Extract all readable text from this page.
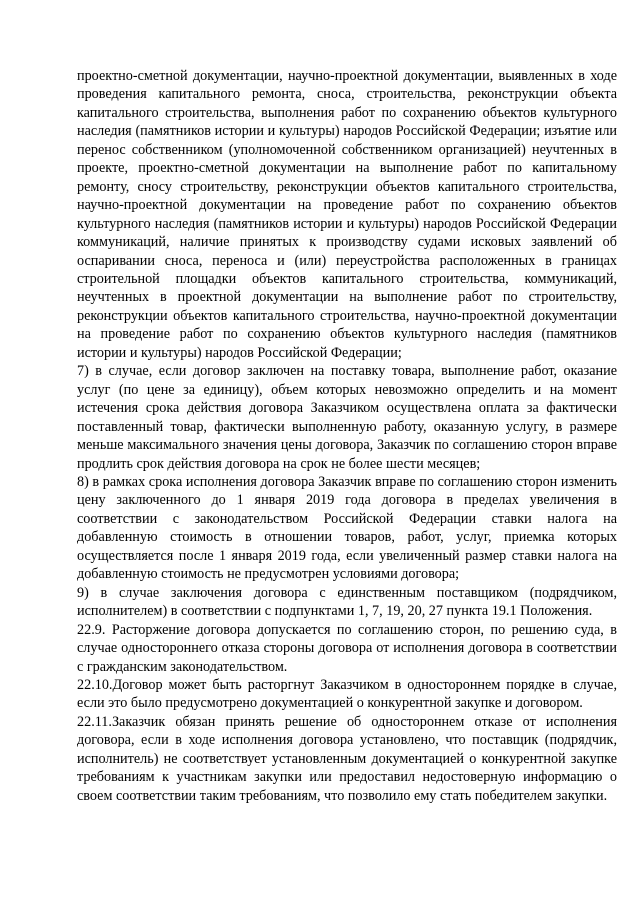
проектно-сметной документации, научно-проектной документации, выявленных в ходе проведения капитального ремонта, сноса, строительства, реконструкции объекта капитального строительства, выполнения работ по сохранению объектов культурного наследия (памятников истории и культуры) народов Российской Федерации; изъятие или перенос собственником (уполномоченной собственником организацией) неучтенных в проекте, проектно-сметной документации на выполнение работ по капитальному ремонту, сносу строительству, реконструкции объектов капитального строительства, научно-проектной документации на проведение работ по сохранению объектов культурного наследия (памятников истории и культуры) народов Российской Федерации коммуникаций, наличие принятых к производству судами исковых заявлений об оспаривании сноса, переноса и (или) переустройства расположенных в границах строительной площадки объектов капитального строительства, коммуникаций, неучтенных в проектной документации на выполнение работ по строительству, реконструкции объектов капитального строительства, научно-проектной документации на проведение работ по сохранению объектов культурного наследия (памятников истории и культуры) народов Российской Федерации;

7) в случае, если договор заключен на поставку товара, выполнение работ, оказание услуг (по цене за единицу), объем которых невозможно определить и на момент истечения срока действия договора Заказчиком осуществлена оплата за фактически поставленный товар, фактически выполненную работу, оказанную услугу, в размере меньше максимального значения цены договора, Заказчик по соглашению сторон вправе продлить срок действия договора на срок не более шести месяцев;

8) в рамках срока исполнения договора Заказчик вправе по соглашению сторон изменить цену заключенного до 1 января 2019 года договора в пределах увеличения в соответствии с законодательством Российской Федерации ставки налога на добавленную стоимость в отношении товаров, работ, услуг, приемка которых осуществляется после 1 января 2019 года, если увеличенный размер ставки налога на добавленную стоимость не предусмотрен условиями договора;

9) в случае заключения договора с единственным поставщиком (подрядчиком, исполнителем) в соответствии с подпунктами 1, 7, 19, 20, 27 пункта 19.1 Положения.

22.9. Расторжение договора допускается по соглашению сторон, по решению суда, в случае одностороннего отказа стороны договора от исполнения договора в соответствии с гражданским законодательством.

22.10.Договор может быть расторгнут Заказчиком в одностороннем порядке в случае, если это было предусмотрено документацией о конкурентной закупке и договором.

22.11.Заказчик обязан принять решение об одностороннем отказе от исполнения договора, если в ходе исполнения договора установлено, что поставщик (подрядчик, исполнитель) не соответствует установленным документацией о конкурентной закупке требованиям к участникам закупки или предоставил недостоверную информацию о своем соответствии таким требованиям, что позволило ему стать победителем закупки.
